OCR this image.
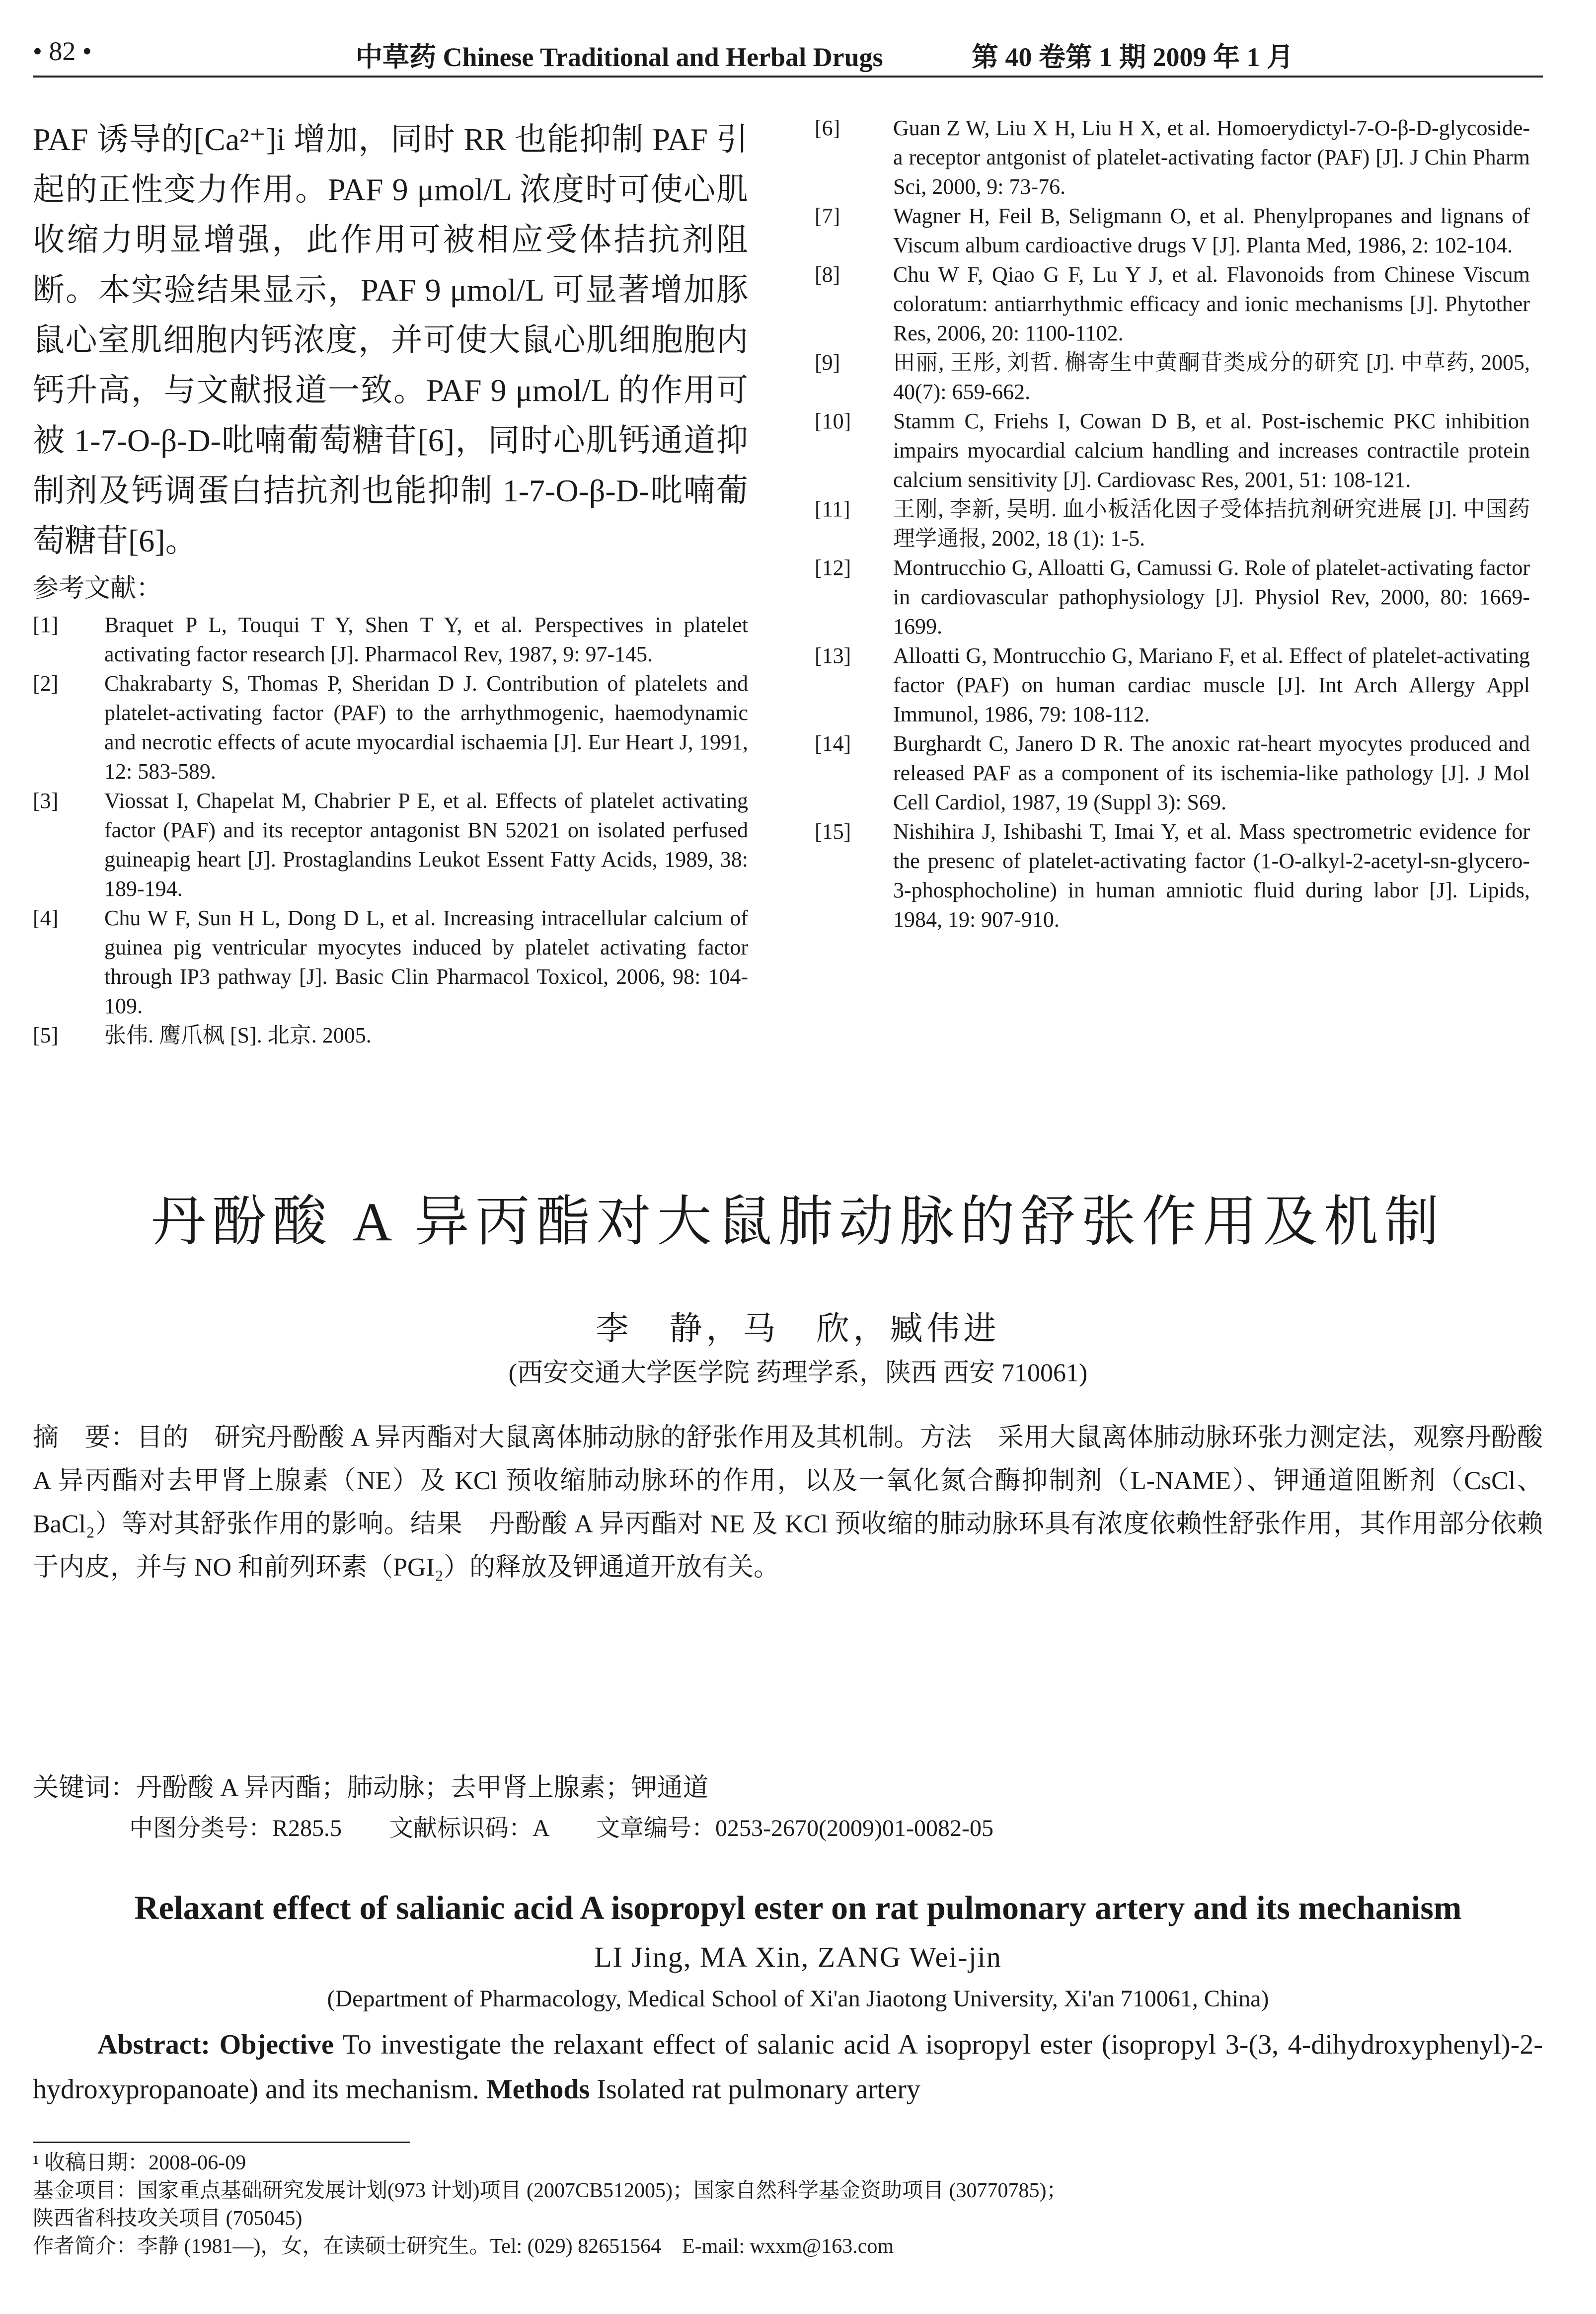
• 82 •	中草药 Chinese Traditional and Herbal Drugs	第 40 卷第 1 期 2009 年 1 月

PAF 诱导的[Ca²⁺]i 增加，同时 RR 也能抑制 PAF 引起的正性变力作用。PAF 9 μmol/L 浓度时可使心肌收缩力明显增强，此作用可被相应受体拮抗剂阻断。本实验结果显示，PAF 9 μmol/L 可显著增加豚鼠心室肌细胞内钙浓度，并可使大鼠心肌细胞胞内钙升高，与文献报道一致。PAF 9 μmol/L 的作用可被 1-7-O-β-D-吡喃葡萄糖苷[6]，同时心肌钙通道抑制剂及钙调蛋白拮抗剂也能抑制 1-7-O-β-D-吡喃葡萄糖苷[6]。

参考文献：
[1]	Braquet P L, Touqui T Y, Shen T Y, et al. Perspectives in platelet activating factor research [J]. Pharmacol Rev, 1987, 9: 97-145.
[2]	Chakrabarty S, Thomas P, Sheridan D J. Contribution of platelets and platelet-activating factor (PAF) to the arrhythmogenic, haemodynamic and necrotic effects of acute myocardial ischaemia [J]. Eur Heart J, 1991, 12: 583-589.
[3]	Viossat I, Chapelat M, Chabrier P E, et al. Effects of platelet activating factor (PAF) and its receptor antagonist BN 52021 on isolated perfused guineapig heart [J]. Prostaglandins Leukot Essent Fatty Acids, 1989, 38: 189-194.
[4]	Chu W F, Sun H L, Dong D L, et al. Increasing intracellular calcium of guinea pig ventricular myocytes induced by platelet activating factor through IP3 pathway [J]. Basic Clin Pharmacol Toxicol, 2006, 98: 104-109.
[5]	张伟. 鹰爪枫 [S]. 北京. 2005.
[6]	Guan Z W, Liu X H, Liu H X, et al. Homoerydictyl-7-O-β-D-glycoside-a receptor antgonist of platelet-activating factor (PAF) [J]. J Chin Pharm Sci, 2000, 9: 73-76.
[7]	Wagner H, Feil B, Seligmann O, et al. Phenylpropanes and lignans of Viscum album cardioactive drugs V [J]. Planta Med, 1986, 2: 102-104.
[8]	Chu W F, Qiao G F, Lu Y J, et al. Flavonoids from Chinese Viscum coloratum: antiarrhythmic efficacy and ionic mechanisms [J]. Phytother Res, 2006, 20: 1100-1102.
[9]	田丽, 王彤, 刘哲. 槲寄生中黄酮苷类成分的研究 [J]. 中草药, 2005, 40(7): 659-662.
[10]	Stamm C, Friehs I, Cowan D B, et al. Post-ischemic PKC inhibition impairs myocardial calcium handling and increases contractile protein calcium sensitivity [J]. Cardiovasc Res, 2001, 51: 108-121.
[11]	王刚, 李新, 吴明. 血小板活化因子受体拮抗剂研究进展 [J]. 中国药理学通报, 2002, 18 (1): 1-5.
[12]	Montrucchio G, Alloatti G, Camussi G. Role of platelet-activating factor in cardiovascular pathophysiology [J]. Physiol Rev, 2000, 80: 1669-1699.
[13]	Alloatti G, Montrucchio G, Mariano F, et al. Effect of platelet-activating factor (PAF) on human cardiac muscle [J]. Int Arch Allergy Appl Immunol, 1986, 79: 108-112.
[14]	Burghardt C, Janero D R. The anoxic rat-heart myocytes produced and released PAF as a component of its ischemia-like pathology [J]. J Mol Cell Cardiol, 1987, 19 (Suppl 3): S69.
[15]	Nishihira J, Ishibashi T, Imai Y, et al. Mass spectrometric evidence for the presenc of platelet-activating factor (1-O-alkyl-2-acetyl-sn-glycero-3-phosphocholine) in human amniotic fluid during labor [J]. Lipids, 1984, 19: 907-910.
丹酚酸 A 异丙酯对大鼠肺动脉的舒张作用及机制
李　静，马　欣，臧伟进
(西安交通大学医学院 药理学系，陕西 西安 710061)
摘　要：目的　研究丹酚酸 A 异丙酯对大鼠离体肺动脉的舒张作用及其机制。方法　采用大鼠离体肺动脉环张力测定法，观察丹酚酸 A 异丙酯对去甲肾上腺素（NE）及 KCl 预收缩肺动脉环的作用，以及一氧化氮合酶抑制剂（L-NAME）、钾通道阻断剂（CsCl、BaCl₂）等对其舒张作用的影响。结果　丹酚酸 A 异丙酯对 NE 及 KCl 预收缩的肺动脉环具有浓度依赖性舒张作用，其作用部分依赖于内皮，并与 NO 和前列环素（PGI₂）的释放及钾通道开放有关。
关键词：丹酚酸 A 异丙酯；肺动脉；去甲肾上腺素；钾通道
中图分类号：R285.5　　文献标识码：A　　文章编号：0253-2670(2009)01-0082-05
Relaxant effect of salianic acid A isopropyl ester on rat pulmonary artery and its mechanism
LI Jing, MA Xin, ZANG Wei-jin
(Department of Pharmacology, Medical School of Xi'an Jiaotong University, Xi'an 710061, China)
Abstract: Objective To investigate the relaxant effect of salanic acid A isopropyl ester (isopropyl 3-(3, 4-dihydroxyphenyl)-2-hydroxypropanoate) and its mechanism. Methods Isolated rat pulmonary artery
¹ 收稿日期：2008-06-09
基金项目：国家重点基础研究发展计划(973 计划)项目 (2007CB512005)；国家自然科学基金资助项目 (30770785)；
陕西省科技攻关项目 (705045)
作者简介：李静 (1981—)，女，在读硕士研究生。Tel: (029) 82651564　E-mail: wxxm@163.com
